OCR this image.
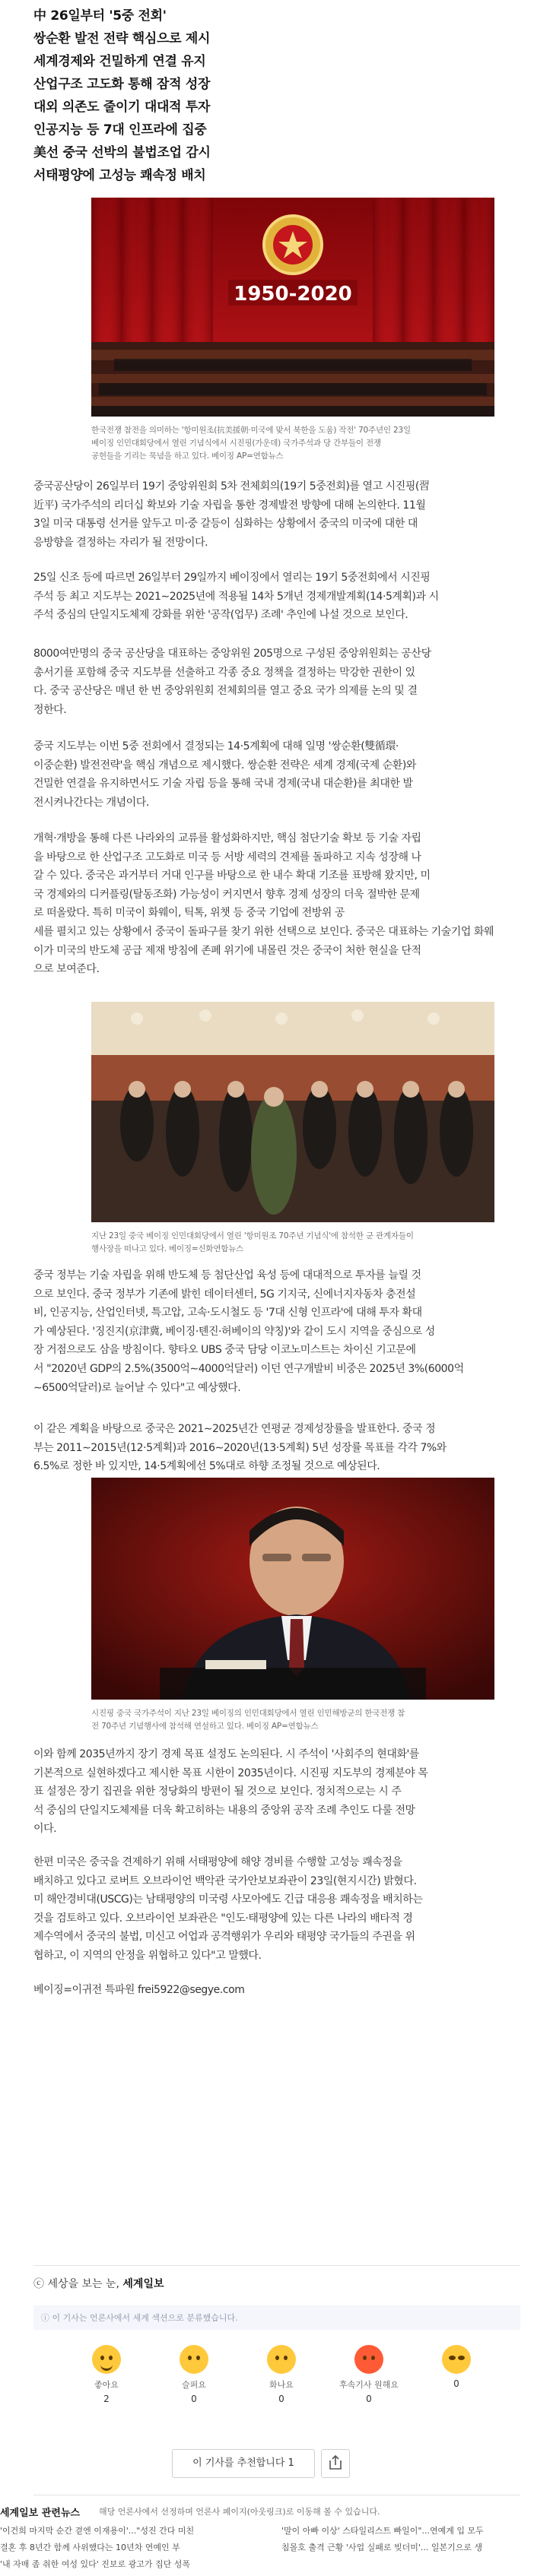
中 26일부터 '5중 전회'
쌍순환 발전 전략 핵심으로 제시
세계경제와 건밀하게 연결 유지
산업구조 고도화 통해 잠적 성장
대외 의존도 줄이기 대대적 투자
인공지능 등 7대 인프라에 집중
美선 중국 선박의 불법조업 감시
서태평양에 고성능 쾌속정 배치
1950-2020
한국전쟁 참전을 의미하는 '항미원조(抗美援朝·미국에 맞서 북한을 도움) 작전' 70주년인 23일
베이징 인민대회당에서 열린 기념식에서 시진핑(가운데) 국가주석과 당 간부들이 전쟁
공헌들을 기리는 묵념을 하고 있다. 베이징 AP=연합뉴스
중국공산당이 26일부터 19기 중앙위원회 5차 전체회의(19기 5중전회)를 열고 시진핑(習
近平) 국가주석의 리더십 확보와 기술 자립을 통한 경제발전 방향에 대해 논의한다. 11월
3일 미국 대통령 선거를 앞두고 미·중 갈등이 심화하는 상황에서 중국의 미국에 대한 대
응방향을 결정하는 자리가 될 전망이다.
25일 신조 등에 따르면 26일부터 29일까지 베이징에서 열리는 19기 5중전회에서 시진핑
주석 등 최고 지도부는 2021∼2025년에 적용될 14차 5개년 경제개발계획(14·5계획)과 시
주석 중심의 단일지도체제 강화를 위한 '공작(업무) 조례' 추인에 나설 것으로 보인다.
8000여만명의 중국 공산당을 대표하는 중앙위원 205명으로 구성된 중앙위원회는 공산당
총서기를 포함해 중국 지도부를 선출하고 각종 중요 정책을 결정하는 막강한 권한이 있
다. 중국 공산당은 매년 한 번 중앙위원회 전체회의를 열고 중요 국가 의제를 논의 및 결
정한다.
중국 지도부는 이번 5중 전회에서 결정되는 14·5계획에 대해 일명 '쌍순환(雙循環·
이중순환) 발전전략'을 핵심 개념으로 제시했다. 쌍순환 전략은 세계 경제(국제 순환)와
건밀한 연결을 유지하면서도 기술 자립 등을 통해 국내 경제(국내 대순환)를 최대한 발
전시켜나간다는 개념이다.
개혁·개방을 통해 다른 나라와의 교류를 활성화하지만, 핵심 첨단기술 확보 등 기술 자립
을 바탕으로 한 산업구조 고도화로 미국 등 서방 세력의 견제를 돌파하고 지속 성장해 나
갈 수 있다. 중국은 과거부터 거대 인구를 바탕으로 한 내수 확대 기조를 표방해 왔지만, 미
국 경제와의 디커플링(탈동조화) 가능성이 커지면서 향후 경제 성장의 더욱 절박한 문제
로 떠올랐다. 특히 미국이 화웨이, 틱톡, 위챗 등 중국 기업에 전방위 공
세를 펼치고 있는 상황에서 중국이 돌파구를 찾기 위한 선택으로 보인다. 중국은 대표하는 기술기업 화웨
이가 미국의 반도체 공급 제재 방침에 존폐 위기에 내몰린 것은 중국이 처한 현실을 단적
으로 보여준다.
지난 23일 중국 베이징 인민대회당에서 열린 '항미원조 70주년 기념식'에 참석한 군 관계자들이
행사장을 떠나고 있다. 베이징=신화연합뉴스
중국 정부는 기술 자립을 위해 반도체 등 첨단산업 육성 등에 대대적으로 투자를 늘릴 것
으로 보인다. 중국 정부가 기존에 밝힌 데이터센터, 5G 기지국, 신에너지자동차 충전설
비, 인공지능, 산업인터넷, 특고압, 고속·도시철도 등 '7대 신형 인프라'에 대해 투자 확대
가 예상된다. '징진지(京津冀, 베이징·톈진·허베이의 약칭)'와 같이 도시 지역을 중심으로 성
장 거점으로도 삼을 방침이다. 향타오 UBS 중국 담당 이코노미스트는 차이신 기고문에
서 "2020년 GDP의 2.5%(3500억∼4000억달러) 이던 연구개발비 비중은 2025년 3%(6000억
∼6500억달러)로 늘어날 수 있다"고 예상했다.
이 같은 계획을 바탕으로 중국은 2021∼2025년간 연평균 경제성장률을 발표한다. 중국 정
부는 2011∼2015년(12·5계획)과 2016∼2020년(13·5계획) 5년 성장률 목표를 각각 7%와
6.5%로 정한 바 있지만, 14·5계획에선 5%대로 하향 조정될 것으로 예상된다.
시진핑 중국 국가주석이 지난 23일 베이징의 인민대회당에서 열린 인민해방군의 한국전쟁 참
전 70주년 기념행사에 참석해 연설하고 있다. 베이징 AP=연합뉴스
이와 함께 2035년까지 장기 경제 목표 설정도 논의된다. 시 주석이 '사회주의 현대화'를
기본적으로 실현하겠다고 제시한 목표 시한이 2035년이다. 시진핑 지도부의 경제분야 목
표 설정은 장기 집권을 위한 정당화의 방편이 될 것으로 보인다. 정치적으로는 시 주
석 중심의 단일지도체제를 더욱 확고히하는 내용의 중앙위 공작 조례 추인도 다룰 전망
이다.
한편 미국은 중국을 견제하기 위해 서태평양에 해양 경비를 수행할 고성능 쾌속정을
배치하고 있다고 로버트 오브라이언 백악관 국가안보보좌관이 23일(현지시간) 밝혔다.
미 해안경비대(USCG)는 남태평양의 미국령 사모아에도 긴급 대응용 쾌속정을 배치하는
것을 검토하고 있다. 오브라이언 보좌관은 "인도·태평양에 있는 다른 나라의 배타적 경
제수역에서 중국의 불법, 미신고 어업과 공격행위가 우리와 태평양 국가들의 주권을 위
협하고, 이 지역의 안정을 위협하고 있다"고 말했다.
베이징=이귀전 특파원 frei5922@segye.com
ⓒ 세상을 보는 눈, 세계일보
ⓘ 이 기사는 언론사에서 세계 섹션으로 분류했습니다.
좋아요
2
슬퍼요
0
화나요
0
후속기사 원해요
0
0
이 기사를 추천합니다 1
세계일보 관련뉴스 해당 언론사에서 선정하며 언론사 페이지(아웃링크)로 이동해 볼 수 있습니다.
'이건희 마지막 순간 곁엔 이재용이'..."성진 간다 미친	'말이 아빠 이상' 스타일리스트 빠일이"...연예계 입 모두
결혼 후 8년간 함께 사위했다는 10년차 연예인 부	침몰호 출격 근황 '사업 실패로 빚더미'... 일본기으로 생
'내 자매 좀 취한 여성 있다' 진보로 광고가 집단 성폭
